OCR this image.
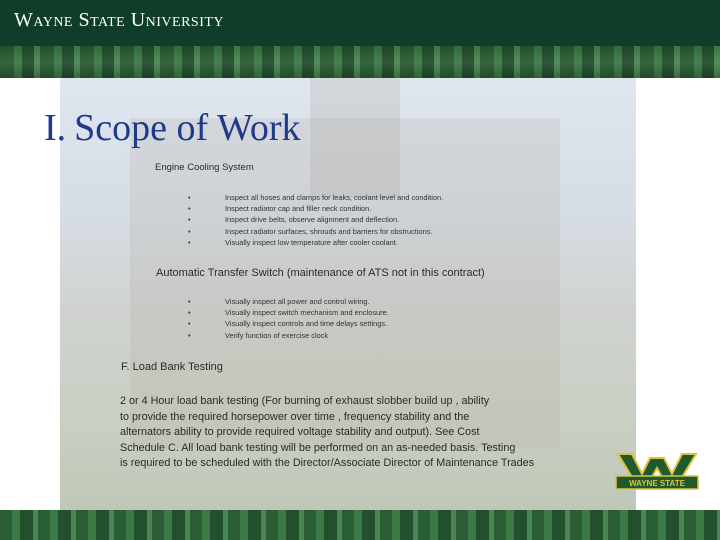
Wayne State University
I. Scope of Work
Engine Cooling System
•	Inspect all hoses and clamps for leaks, coolant level and condition.
•	Inspect radiator cap and filler neck condition.
•	Inspect drive belts, observe alignment and deflection.
•	Inspect radiator surfaces, shrouds and barriers for obstructions.
•	Visually inspect low temperature after cooler coolant.
Automatic Transfer Switch (maintenance of ATS not in this contract)
•	Visually inspect all power and control wiring.
•	Visually inspect switch mechanism and enclosure.
•	Visually inspect controls and time delays settings.
•	Verify function of exercise clock
F. Load Bank Testing
2 or 4 Hour load bank testing (For burning of exhaust slobber build up , ability
to provide the required horsepower over time , frequency stability and the
alternators ability to provide required voltage stability and output). See Cost
Schedule C. All load bank testing will be performed on an as-needed basis. Testing
is required to be scheduled with the Director/Associate Director of Maintenance Trades
WAYNE STATE
